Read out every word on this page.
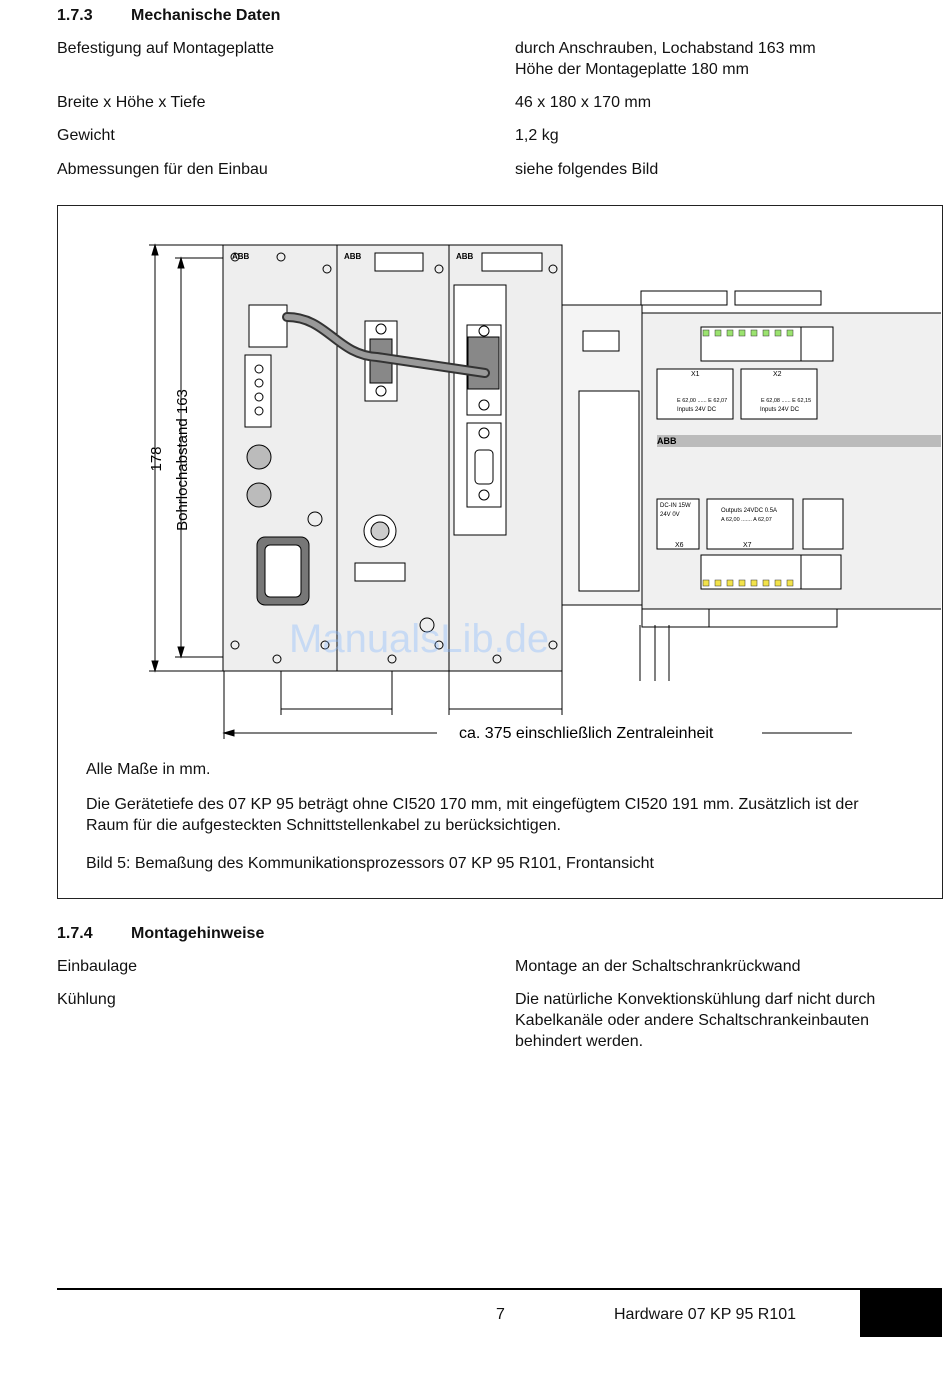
1.7.3 Mechanische Daten
Befestigung auf Montageplatte	durch Anschrauben, Lochabstand 163 mm
Höhe der Montageplatte 180 mm
Breite x Höhe x Tiefe	46 x 180 x 170 mm
Gewicht	1,2 kg
Abmessungen für den Einbau	siehe folgendes Bild
178 Bohrlochabstand 163
ABB	ABB	ABB
ABB
X1	X2
E 62,00 ...... E 62,07	E 62,08 ...... E 62,15
Inputs 24V DC	Inputs 24V DC
DC-IN 15W
24V 0V
Outputs 24VDC 0.5A
A 62,00 ....... A 62,07
X6	X7
ca. 375 einschließlich Zentraleinheit
ManualsLib.de
Alle Maße in mm.
Die Gerätetiefe des 07 KP 95 beträgt ohne CI520 170 mm, mit eingefügtem CI520 191 mm. Zusätzlich ist der
Raum für die aufgesteckten Schnittstellenkabel zu berücksichtigen.
Bild 5: Bemaßung des Kommunikationsprozessors 07 KP 95 R101, Frontansicht
1.7.4 Montagehinweise
Einbaulage	Montage an der Schaltschrankrückwand
Kühlung	Die natürliche Konvektionskühlung darf nicht durch
Kabelkanäle oder andere Schaltschrankeinbauten
behindert werden.
7	Hardware 07 KP 95 R101
